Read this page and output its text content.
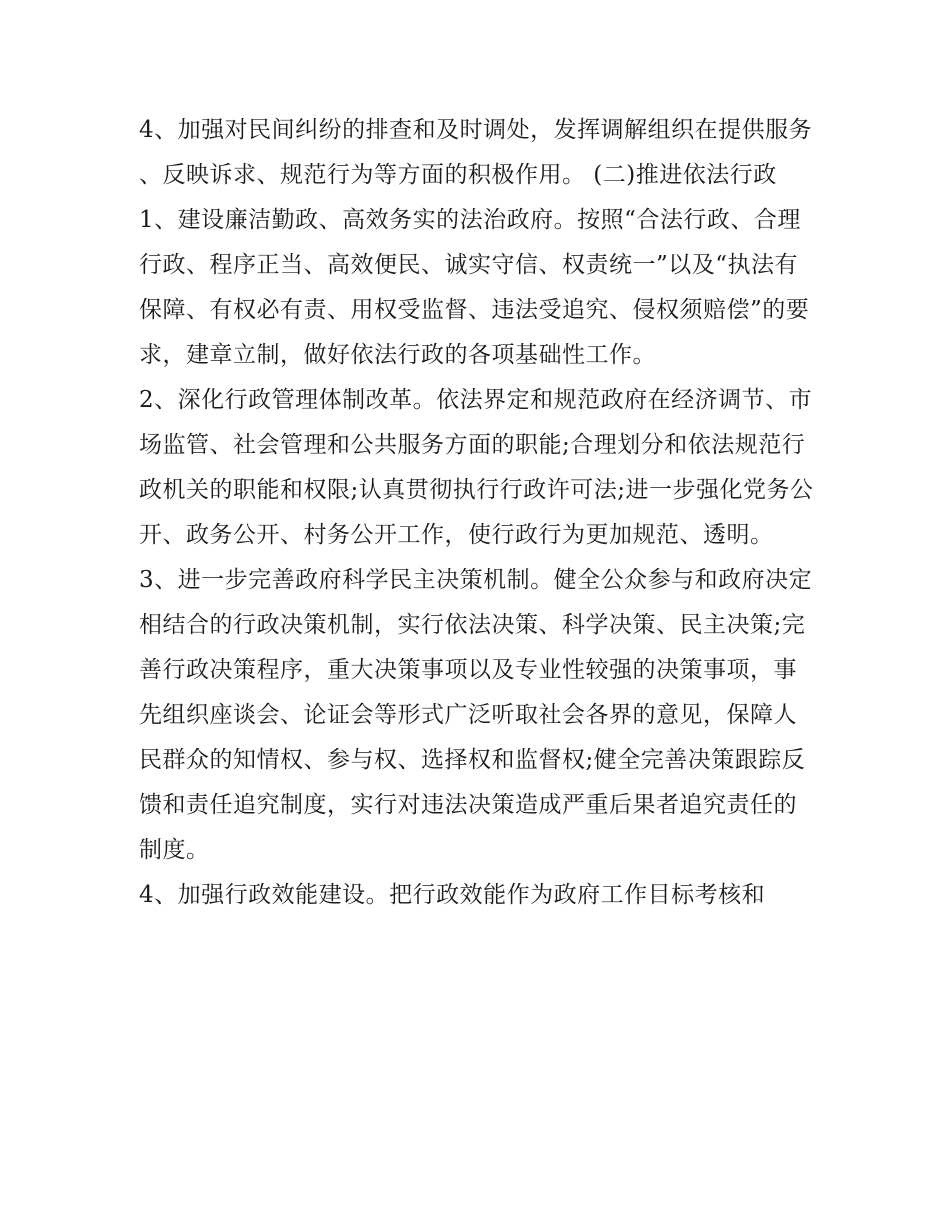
4、加强对民间纠纷的排查和及时调处，发挥调解组织在提供服务、反映诉求、规范行为等方面的积极作用。 (二)推进依法行政

1、建设廉洁勤政、高效务实的法治政府。按照“合法行政、合理行政、程序正当、高效便民、诚实守信、权责统一”以及“执法有保障、有权必有责、用权受监督、违法受追究、侵权须赔偿”的要求，建章立制，做好依法行政的各项基础性工作。

2、深化行政管理体制改革。依法界定和规范政府在经济调节、市场监管、社会管理和公共服务方面的职能;合理划分和依法规范行政机关的职能和权限;认真贯彻执行行政许可法;进一步强化党务公开、政务公开、村务公开工作，使行政行为更加规范、透明。

3、进一步完善政府科学民主决策机制。健全公众参与和政府决定相结合的行政决策机制，实行依法决策、科学决策、民主决策;完善行政决策程序，重大决策事项以及专业性较强的决策事项，事先组织座谈会、论证会等形式广泛听取社会各界的意见，保障人民群众的知情权、参与权、选择权和监督权;健全完善决策跟踪反馈和责任追究制度，实行对违法决策造成严重后果者追究责任的制度。

4、加强行政效能建设。把行政效能作为政府工作目标考核和
